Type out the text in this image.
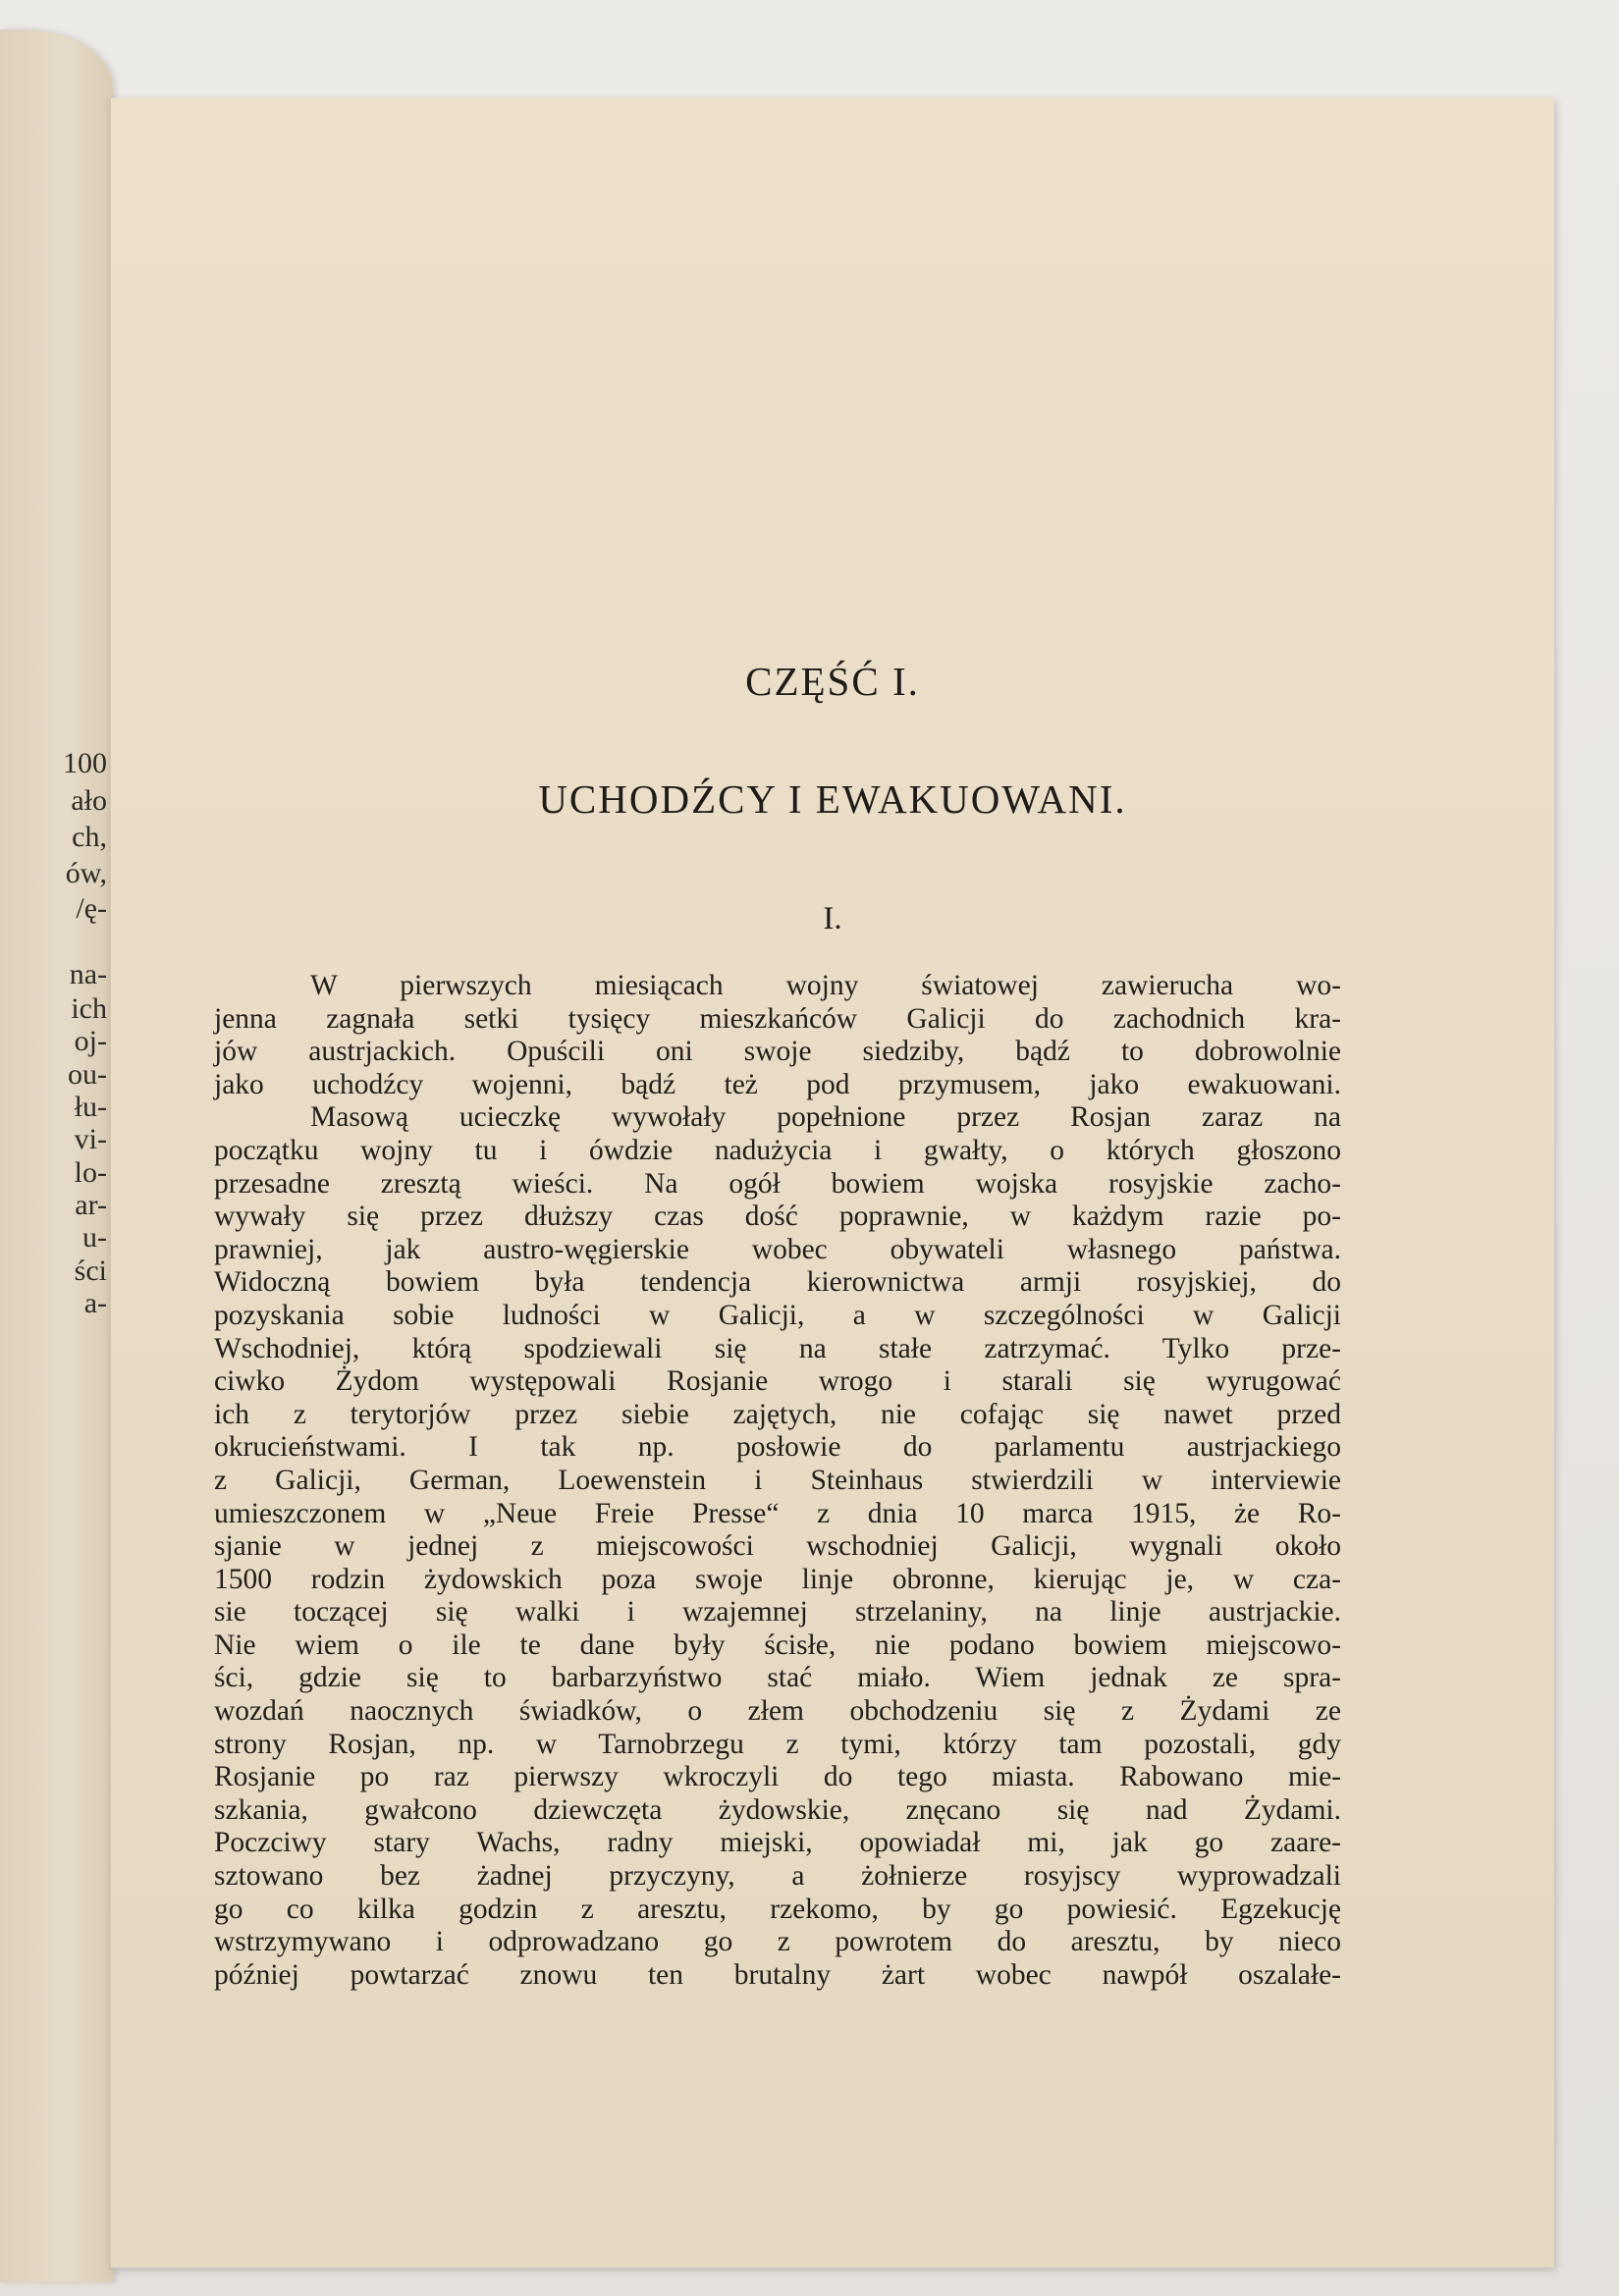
100
ało
ch,
ów,
/ę-
na-
ich
oj-
ou-
łu-
vi-
lo-
ar-
u-
ści
a-
CZĘŚĆ I.
UCHODŹCY I EWAKUOWANI.
I.
W pierwszych miesiącach wojny światowej zawierucha wo-
jenna zagnała setki tysięcy mieszkańców Galicji do zachodnich kra-
jów austrjackich. Opuścili oni swoje siedziby, bądź to dobrowolnie
jako uchodźcy wojenni, bądź też pod przymusem, jako ewakuowani.
Masową ucieczkę wywołały popełnione przez Rosjan zaraz na
początku wojny tu i ówdzie nadużycia i gwałty, o których głoszono
przesadne zresztą wieści. Na ogół bowiem wojska rosyjskie zacho-
wywały się przez dłuższy czas dość poprawnie, w każdym razie po-
prawniej, jak austro-węgierskie wobec obywateli własnego państwa.
Widoczną bowiem była tendencja kierownictwa armji rosyjskiej, do
pozyskania sobie ludności w Galicji, a w szczególności w Galicji
Wschodniej, którą spodziewali się na stałe zatrzymać. Tylko prze-
ciwko Żydom występowali Rosjanie wrogo i starali się wyrugować
ich z terytorjów przez siebie zajętych, nie cofając się nawet przed
okrucieństwami. I tak np. posłowie do parlamentu austrjackiego
z Galicji, German, Loewenstein i Steinhaus stwierdzili w interviewie
umieszczonem w „Neue Freie Presse“ z dnia 10 marca 1915, że Ro-
sjanie w jednej z miejscowości wschodniej Galicji, wygnali około
1500 rodzin żydowskich poza swoje linje obronne, kierując je, w cza-
sie toczącej się walki i wzajemnej strzelaniny, na linje austrjackie.
Nie wiem o ile te dane były ścisłe, nie podano bowiem miejscowo-
ści, gdzie się to barbarzyństwo stać miało. Wiem jednak ze spra-
wozdań naocznych świadków, o złem obchodzeniu się z Żydami ze
strony Rosjan, np. w Tarnobrzegu z tymi, którzy tam pozostali, gdy
Rosjanie po raz pierwszy wkroczyli do tego miasta. Rabowano mie-
szkania, gwałcono dziewczęta żydowskie, znęcano się nad Żydami.
Poczciwy stary Wachs, radny miejski, opowiadał mi, jak go zaare-
sztowano bez żadnej przyczyny, a żołnierze rosyjscy wyprowadzali
go co kilka godzin z aresztu, rzekomo, by go powiesić. Egzekucję
wstrzymywano i odprowadzano go z powrotem do aresztu, by nieco
później powtarzać znowu ten brutalny żart wobec nawpół oszalałe-
